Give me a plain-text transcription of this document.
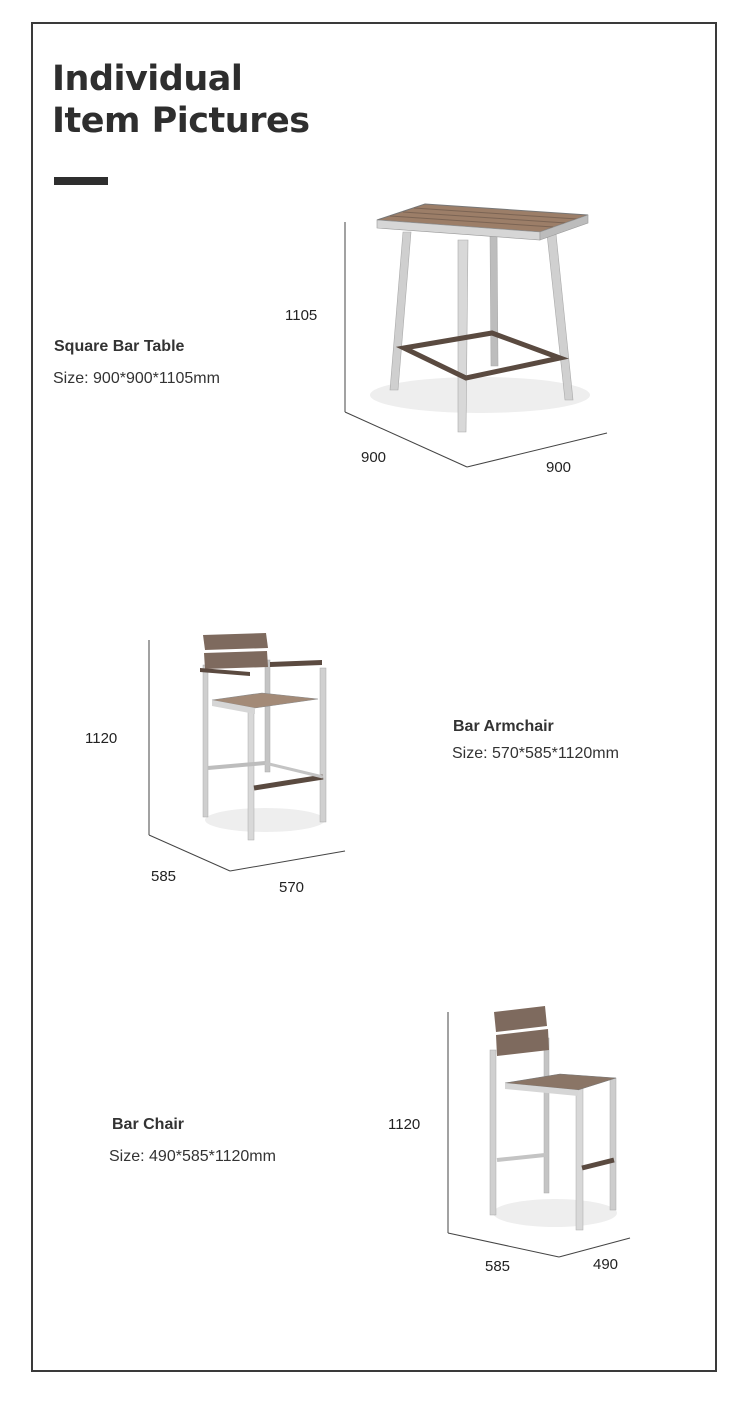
Individual
Item Pictures
Square Bar Table
Size: 900*900*1105mm
1105
900
900
Bar Armchair
Size: 570*585*1120mm
1120
585
570
Bar Chair
Size: 490*585*1120mm
1120
585	490
